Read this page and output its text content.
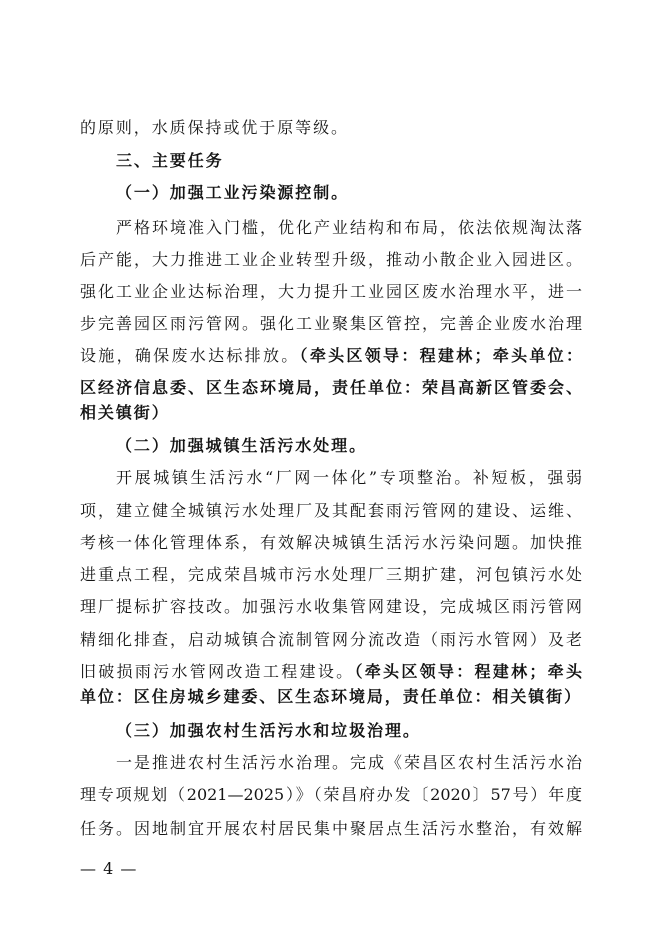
的原则，水质保持或优于原等级。
三、主要任务
（一）加强工业污染源控制。
严格环境准入门槛，优化产业结构和布局，依法依规淘汰落
后产能，大力推进工业企业转型升级，推动小散企业入园进区。
强化工业企业达标治理，大力提升工业园区废水治理水平，进一
步完善园区雨污管网。强化工业聚集区管控，完善企业废水治理
设施，确保废水达标排放。（牵头区领导：程建林；牵头单位：
区经济信息委、区生态环境局，责任单位：荣昌高新区管委会、
相关镇街）
（二）加强城镇生活污水处理。
开展城镇生活污水“厂网一体化”专项整治。补短板，强弱
项，建立健全城镇污水处理厂及其配套雨污管网的建设、运维、
考核一体化管理体系，有效解决城镇生活污水污染问题。加快推
进重点工程，完成荣昌城市污水处理厂三期扩建，河包镇污水处
理厂提标扩容技改。加强污水收集管网建设，完成城区雨污管网
精细化排查，启动城镇合流制管网分流改造（雨污水管网）及老
旧破损雨污水管网改造工程建设。（牵头区领导：程建林；牵头
单位：区住房城乡建委、区生态环境局，责任单位：相关镇街）
（三）加强农村生活污水和垃圾治理。
一是推进农村生活污水治理。完成《荣昌区农村生活污水治
理专项规划（2021—2025）》（荣昌府办发〔2020〕57号）年度
任务。因地制宜开展农村居民集中聚居点生活污水整治，有效解
— 4 —
